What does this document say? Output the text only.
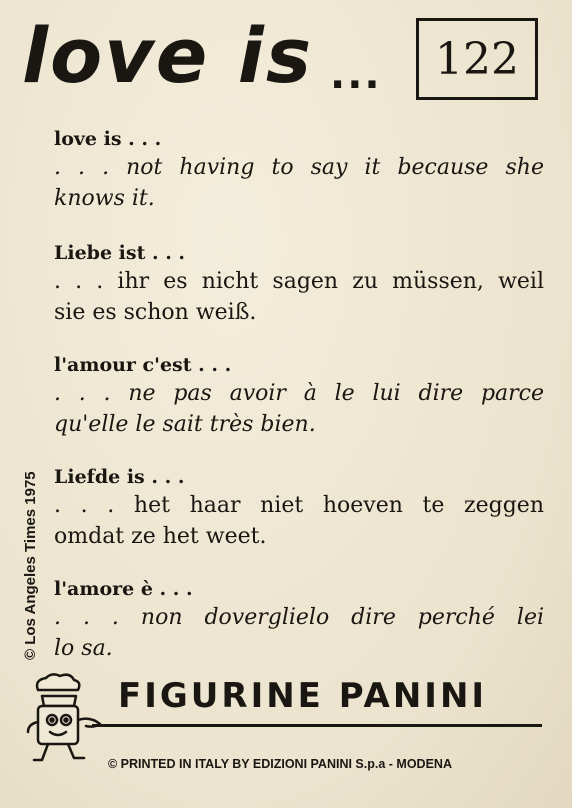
love is ... 122
love is . . .
. . . not having to say it because she
knows it.
Liebe ist . . .
. . . ihr es nicht sagen zu müssen, weil
sie es schon weiß.
l'amour c'est . . .
. . . ne pas avoir à le lui dire parce
qu'elle le sait très bien.
Liefde is . . .
. . . het haar niet hoeven te zeggen
omdat ze het weet.
l'amore è . . .
. . . non doverglielo dire perché lei
lo sa.
© Los Angeles Times 1975
FIGURINE PANINI
© PRINTED IN ITALY BY EDIZIONI PANINI S.p.a - MODENA
